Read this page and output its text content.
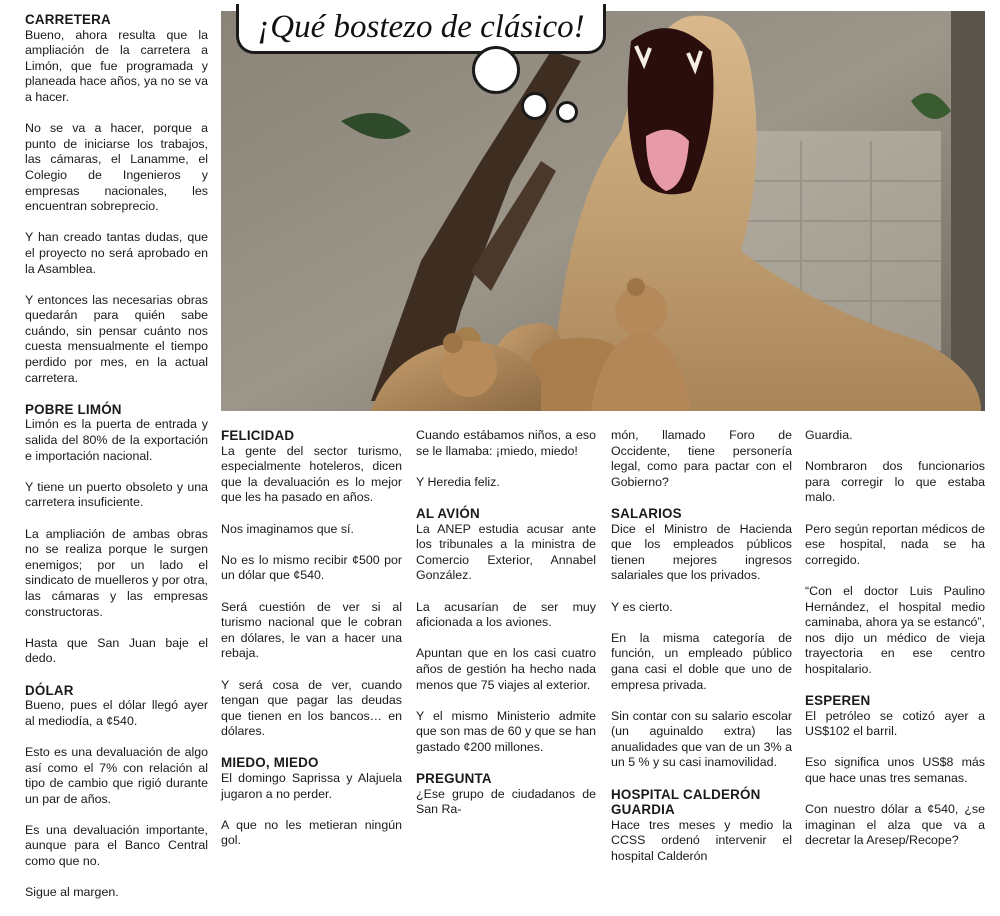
CARRETERA

Bueno, ahora resulta que la ampliación de la carretera a Limón, que fue programada y planeada hace años, ya no se va a hacer.

No se va a hacer, porque a punto de iniciarse los trabajos, las cámaras, el Lanamme, el Colegio de Ingenieros y empresas nacionales, les encuentran sobreprecio.

Y han creado tantas dudas, que el proyecto no será aprobado en la Asamblea.

Y entonces las necesarias obras quedarán para quién sabe cuándo, sin pensar cuánto nos cuesta mensualmente el tiempo perdido por mes, en la actual carretera.

POBRE LIMÓN

Limón es la puerta de entrada y salida del 80% de la exportación e importación nacional.

Y tiene un puerto obsoleto y una carretera insuficiente.

La ampliación de ambas obras no se realiza porque le surgen enemigos; por un lado el sindicato de muelleros y por otra, las cámaras y las empresas constructoras.

Hasta que San Juan baje el dedo.

DÓLAR

Bueno, pues el dólar llegó ayer al mediodía, a ¢540.

Esto es una devaluación de algo así como el 7% con relación al tipo de cambio que rigió durante un par de años.

Es una devaluación importante, aunque para el Banco Central como que no.

Sigue al margen.

¡Qué bostezo de clásico!
FELICIDAD

La gente del sector turismo, especialmente hoteleros, dicen que la devaluación es lo mejor que les ha pasado en años.

Nos imaginamos que sí.

No es lo mismo recibir ¢500 por un dólar que ¢540.

Será cuestión de ver si al turismo nacional que le cobran en dólares, le van a hacer una rebaja.

Y será cosa de ver, cuando tengan que pagar las deudas que tienen en los bancos… en dólares.

MIEDO, MIEDO

El domingo Saprissa y Alajuela jugaron a no perder.

A que no les metieran ningún gol.

Cuando estábamos niños, a eso se le llamaba: ¡miedo, miedo!

Y Heredia feliz.

AL AVIÓN

La ANEP estudia acusar ante los tribunales a la ministra de Comercio Exterior, Annabel González.

La acusarían de ser muy aficionada a los aviones.

Apuntan que en los casi cuatro años de gestión ha hecho nada menos que 75 viajes al exterior.

Y el mismo Ministerio admite que son mas de 60 y que se han gastado ¢200 millones.

PREGUNTA

¿Ese grupo de ciudadanos de San Ra-

món, llamado Foro de Occidente, tiene personería legal, como para pactar con el Gobierno?

SALARIOS

Dice el Ministro de Hacienda que los empleados públicos tienen mejores ingresos salariales que los privados.

Y es cierto.

En la misma categoría de función, un empleado público gana casi el doble que uno de empresa privada.

Sin contar con su salario escolar (un aguinaldo extra) las anualidades que van de un 3% a un 5 % y su casi inamovilidad.

HOSPITAL CALDERÓN GUARDIA

Hace tres meses y medio la CCSS ordenó intervenir el hospital Calderón

Guardia.

Nombraron dos funcionarios para corregir lo que estaba malo.

Pero según reportan médicos de ese hospital, nada se ha corregido.

“Con el doctor Luis Paulino Hernández, el hospital medio caminaba, ahora ya se estancó”, nos dijo un médico de vieja trayectoria en ese centro hospitalario.

ESPEREN

El petróleo se cotizó ayer a US$102 el barril.

Eso significa unos US$8 más que hace unas tres semanas.

Con nuestro dólar a ¢540, ¿se imaginan el alza que va a decretar la Aresep/Recope?
